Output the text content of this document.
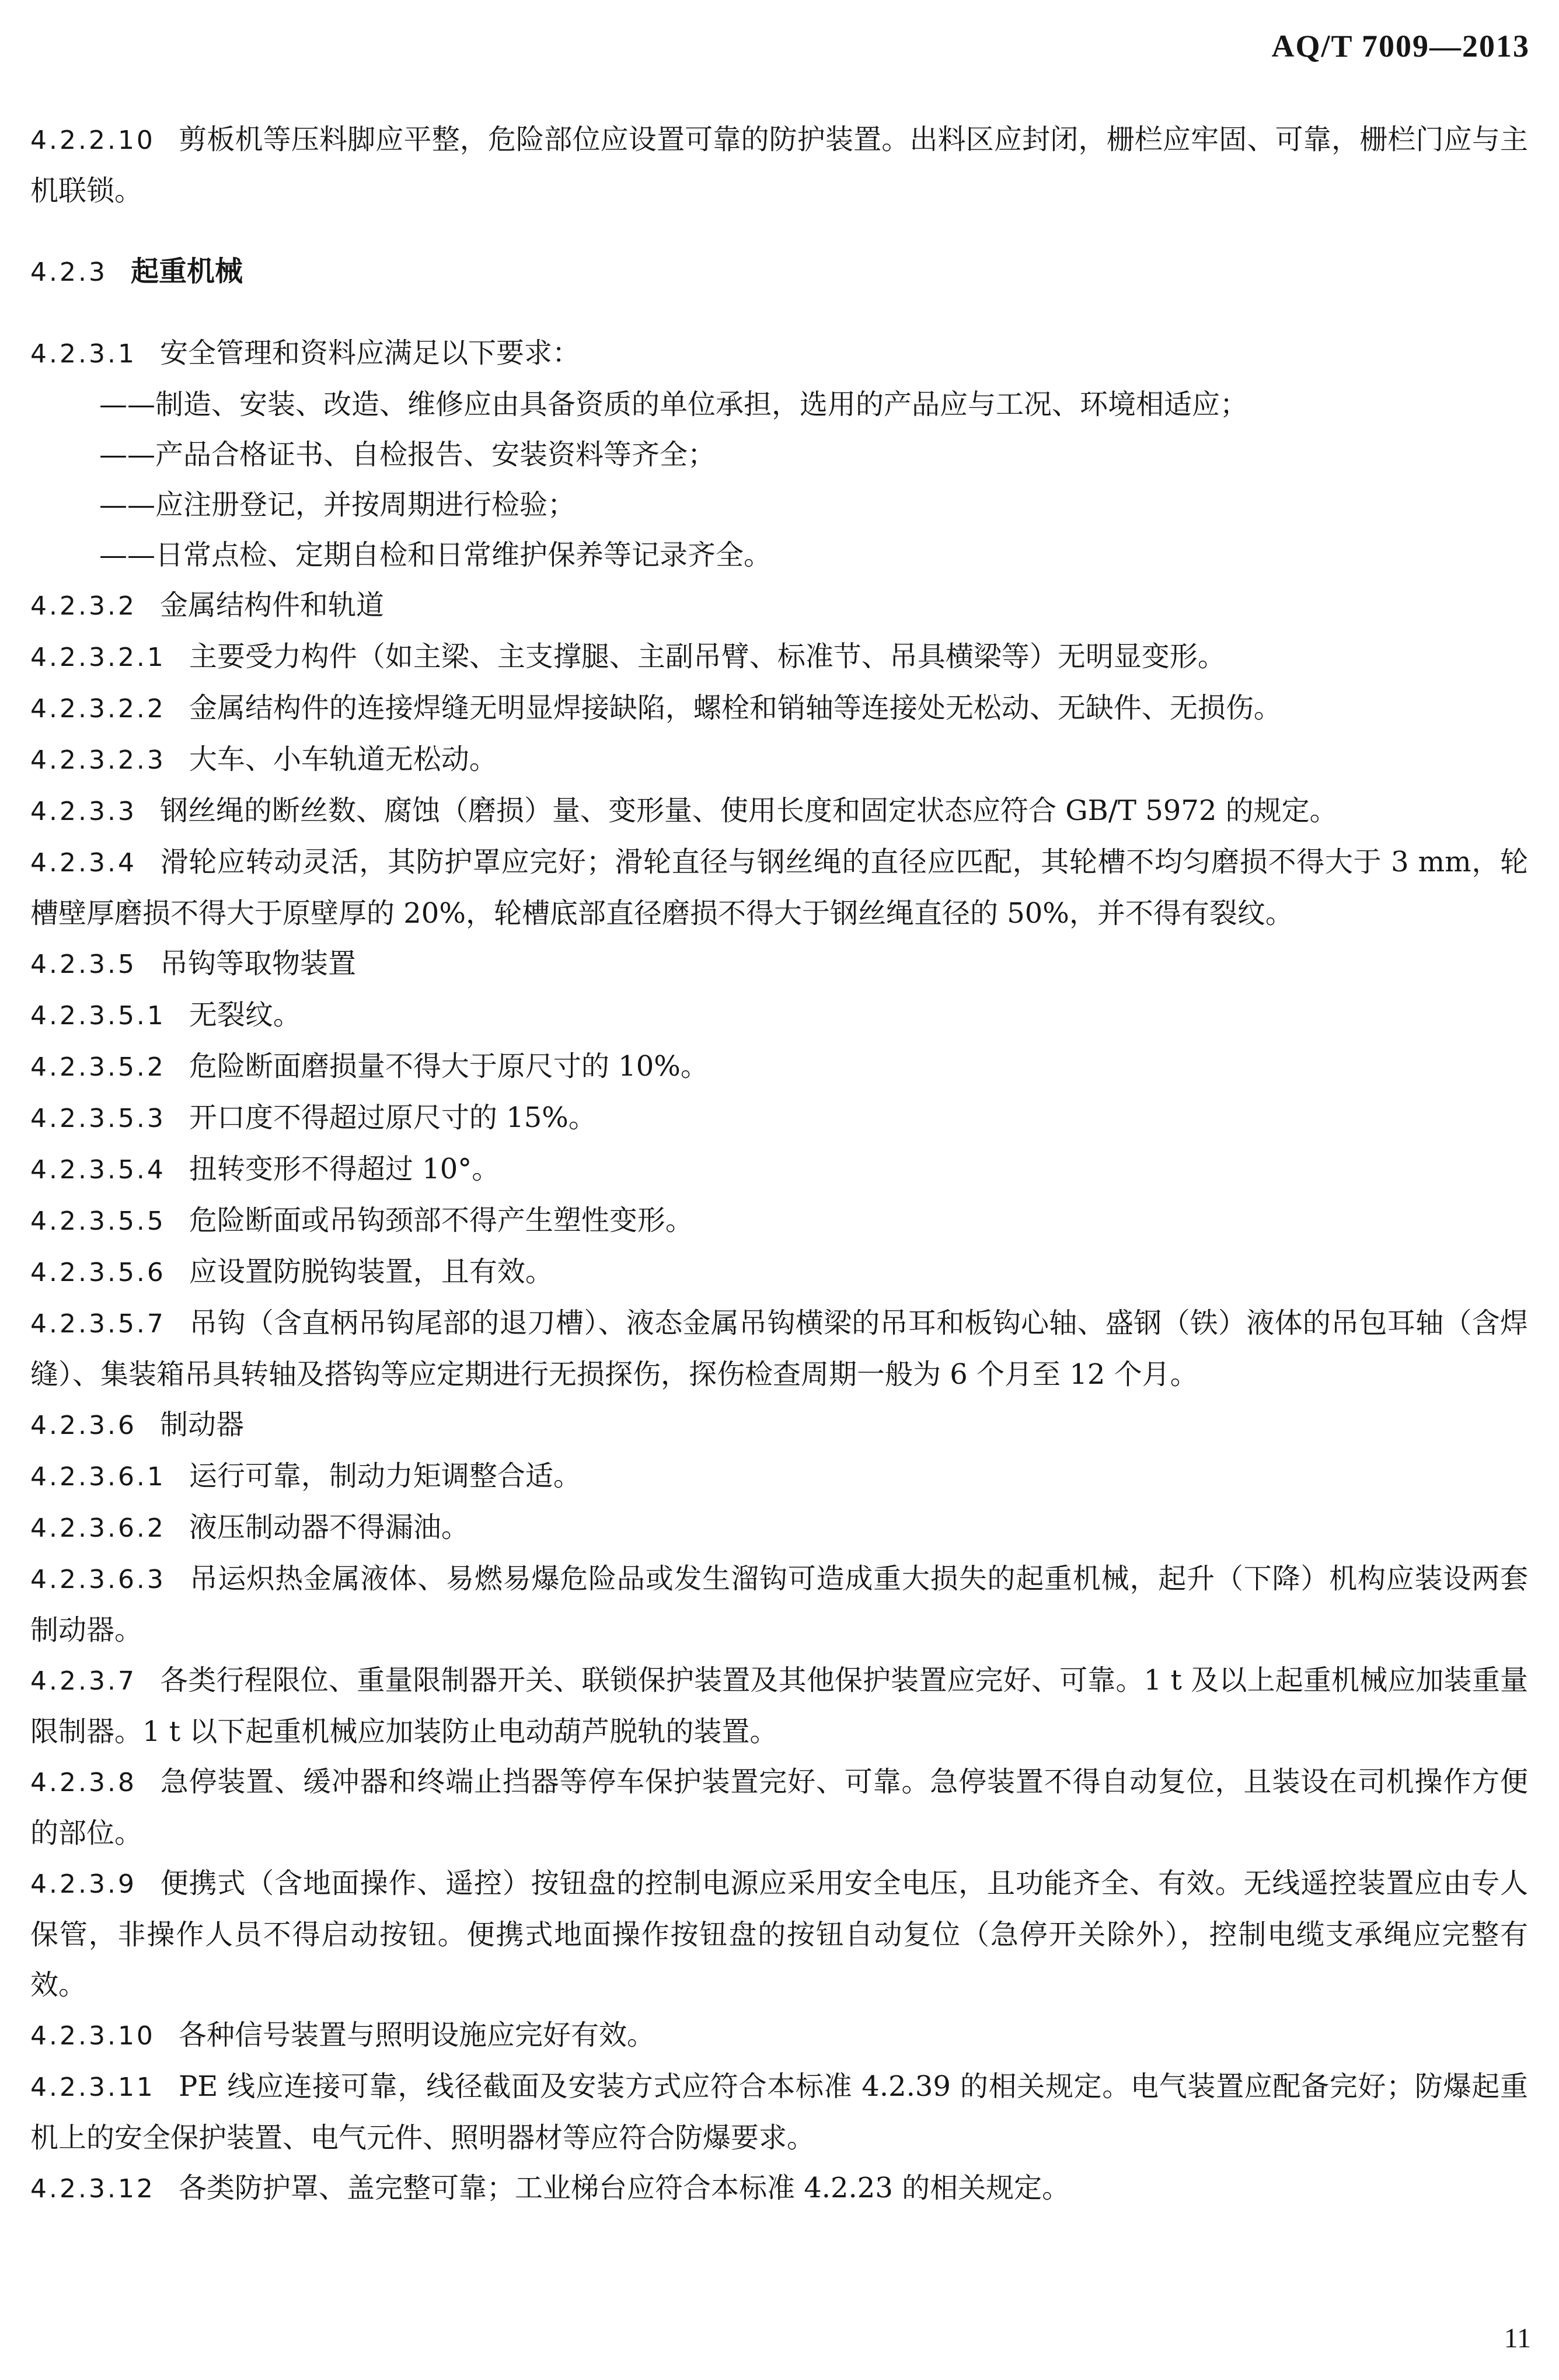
AQ/T 7009—2013

4.2.2.10 剪板机等压料脚应平整，危险部位应设置可靠的防护装置。出料区应封闭，栅栏应牢固、可靠，栅栏门应与主机联锁。

4.2.3 起重机械

4.2.3.1 安全管理和资料应满足以下要求：

——制造、安装、改造、维修应由具备资质的单位承担，选用的产品应与工况、环境相适应；

——产品合格证书、自检报告、安装资料等齐全；

——应注册登记，并按周期进行检验；

——日常点检、定期自检和日常维护保养等记录齐全。

4.2.3.2 金属结构件和轨道

4.2.3.2.1 主要受力构件（如主梁、主支撑腿、主副吊臂、标准节、吊具横梁等）无明显变形。

4.2.3.2.2 金属结构件的连接焊缝无明显焊接缺陷，螺栓和销轴等连接处无松动、无缺件、无损伤。

4.2.3.2.3 大车、小车轨道无松动。

4.2.3.3 钢丝绳的断丝数、腐蚀（磨损）量、变形量、使用长度和固定状态应符合 GB/T 5972 的规定。

4.2.3.4 滑轮应转动灵活，其防护罩应完好；滑轮直径与钢丝绳的直径应匹配，其轮槽不均匀磨损不得大于 3 mm，轮槽壁厚磨损不得大于原壁厚的 20%，轮槽底部直径磨损不得大于钢丝绳直径的 50%，并不得有裂纹。

4.2.3.5 吊钩等取物装置

4.2.3.5.1 无裂纹。

4.2.3.5.2 危险断面磨损量不得大于原尺寸的 10%。

4.2.3.5.3 开口度不得超过原尺寸的 15%。

4.2.3.5.4 扭转变形不得超过 10°。

4.2.3.5.5 危险断面或吊钩颈部不得产生塑性变形。

4.2.3.5.6 应设置防脱钩装置，且有效。

4.2.3.5.7 吊钩（含直柄吊钩尾部的退刀槽）、液态金属吊钩横梁的吊耳和板钩心轴、盛钢（铁）液体的吊包耳轴（含焊缝）、集装箱吊具转轴及搭钩等应定期进行无损探伤，探伤检查周期一般为 6 个月至 12 个月。

4.2.3.6 制动器

4.2.3.6.1 运行可靠，制动力矩调整合适。

4.2.3.6.2 液压制动器不得漏油。

4.2.3.6.3 吊运炽热金属液体、易燃易爆危险品或发生溜钩可造成重大损失的起重机械，起升（下降）机构应装设两套制动器。

4.2.3.7 各类行程限位、重量限制器开关、联锁保护装置及其他保护装置应完好、可靠。1 t 及以上起重机械应加装重量限制器。1 t 以下起重机械应加装防止电动葫芦脱轨的装置。

4.2.3.8 急停装置、缓冲器和终端止挡器等停车保护装置完好、可靠。急停装置不得自动复位，且装设在司机操作方便的部位。

4.2.3.9 便携式（含地面操作、遥控）按钮盘的控制电源应采用安全电压，且功能齐全、有效。无线遥控装置应由专人保管，非操作人员不得启动按钮。便携式地面操作按钮盘的按钮自动复位（急停开关除外），控制电缆支承绳应完整有效。

4.2.3.10 各种信号装置与照明设施应完好有效。

4.2.3.11 PE 线应连接可靠，线径截面及安装方式应符合本标准 4.2.39 的相关规定。电气装置应配备完好；防爆起重机上的安全保护装置、电气元件、照明器材等应符合防爆要求。

4.2.3.12 各类防护罩、盖完整可靠；工业梯台应符合本标准 4.2.23 的相关规定。

11
